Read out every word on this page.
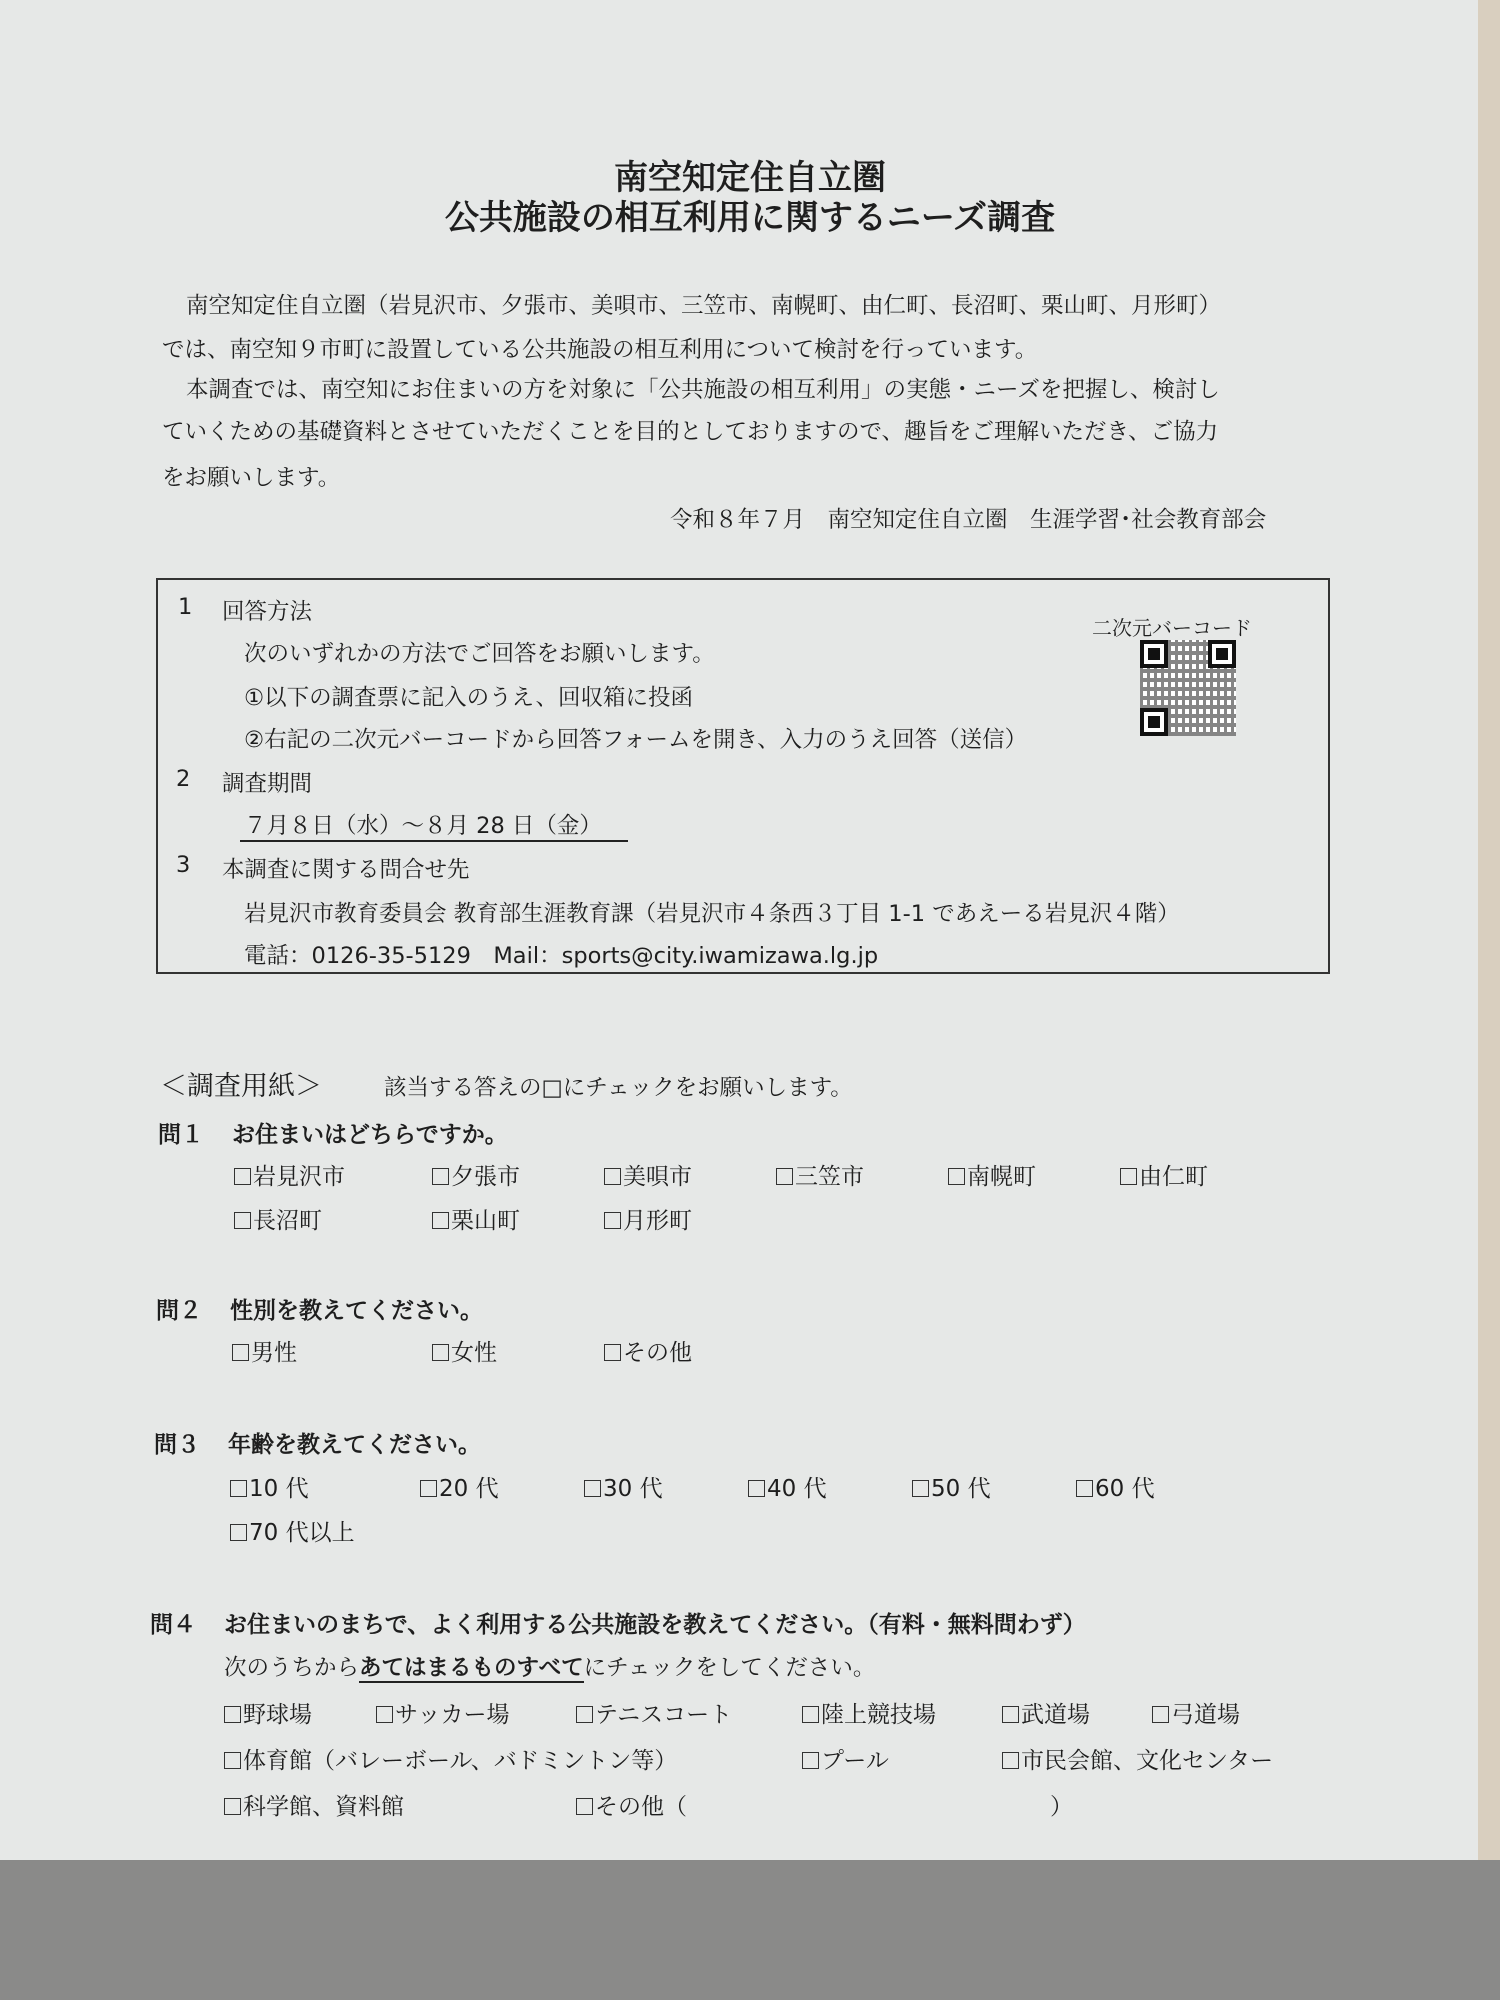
南空知定住自立圏
公共施設の相互利用に関するニーズ調査
南空知定住自立圏（岩見沢市、夕張市、美唄市、三笠市、南幌町、由仁町、長沼町、栗山町、月形町）
では、南空知９市町に設置している公共施設の相互利用について検討を行っています。
本調査では、南空知にお住まいの方を対象に「公共施設の相互利用」の実態・ニーズを把握し、検討し
ていくための基礎資料とさせていただくことを目的としておりますので、趣旨をご理解いただき、ご協力
をお願いします。
令和８年７月　南空知定住自立圏　生涯学習･社会教育部会
1 回答方法
次のいずれかの方法でご回答をお願いします。
①以下の調査票に記入のうえ、回収箱に投函
②右記の二次元バーコードから回答フォームを開き、入力のうえ回答（送信）
二次元バーコード
2 調査期間
７月８日（水）～８月 28 日（金）
3 本調査に関する問合せ先
岩見沢市教育委員会 教育部生涯教育課（岩見沢市４条西３丁目 1-1 であえーる岩見沢４階）
電話：0126-35-5129　Mail：sports@city.iwamizawa.lg.jp
＜調査用紙＞	該当する答えの□にチェックをお願いします。
問１ お住まいはどちらですか。
岩見沢市	夕張市	美唄市	三笠市	南幌町	由仁町
長沼町	栗山町	月形町
問２ 性別を教えてください。
男性	女性	その他
問３ 年齢を教えてください。
10 代	20 代	30 代	40 代	50 代	60 代
70 代以上
問４ お住まいのまちで、よく利用する公共施設を教えてください。（有料・無料問わず）
次のうちからあてはまるものすべてにチェックをしてください。
野球場	サッカー場	テニスコート	陸上競技場	武道場	弓道場
体育館（バレーボール、バドミントン等）	プール	市民会館、文化センター
科学館、資料館	その他（	）
